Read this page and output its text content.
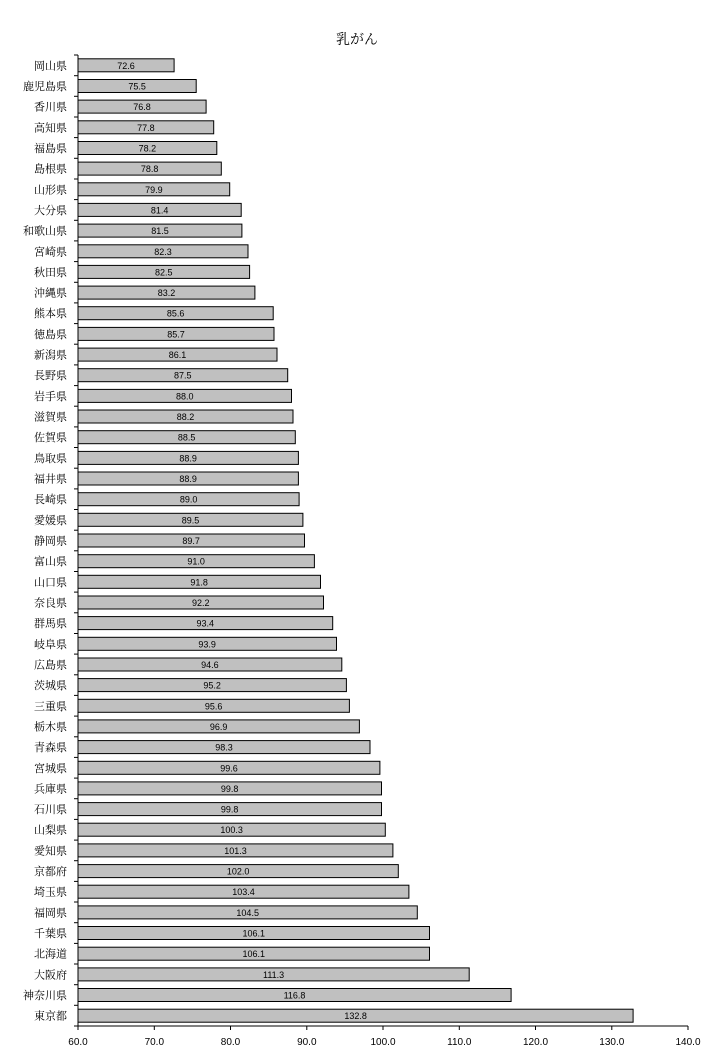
乳がん
岡山県
鹿児島県
香川県
高知県
福島県
島根県
山形県
大分県
和歌山県
宮崎県
秋田県
沖縄県
熊本県
徳島県
新潟県
長野県
岩手県
滋賀県
佐賀県
鳥取県
福井県
長崎県
愛媛県
静岡県
富山県
山口県
奈良県
群馬県
岐阜県
広島県
茨城県
三重県
栃木県
青森県
宮城県
兵庫県
石川県
山梨県
愛知県
京都府
埼玉県
福岡県
千葉県
北海道
大阪府
神奈川県
東京都
72.6
75.5
76.8
77.8
78.2
78.8
79.9
81.4
81.5
82.3
82.5
83.2
85.6
85.7
86.1
87.5
88.0
88.2
88.5
88.9
88.9
89.0
89.5
89.7
91.0
91.8
92.2
93.4
93.9
94.6
95.2
95.6
96.9
98.3
99.6
99.8
99.8
100.3
101.3
102.0
103.4
104.5
106.1
106.1
111.3
116.8
132.8
60.0	70.0	80.0	90.0	100.0	110.0	120.0	130.0	140.0
